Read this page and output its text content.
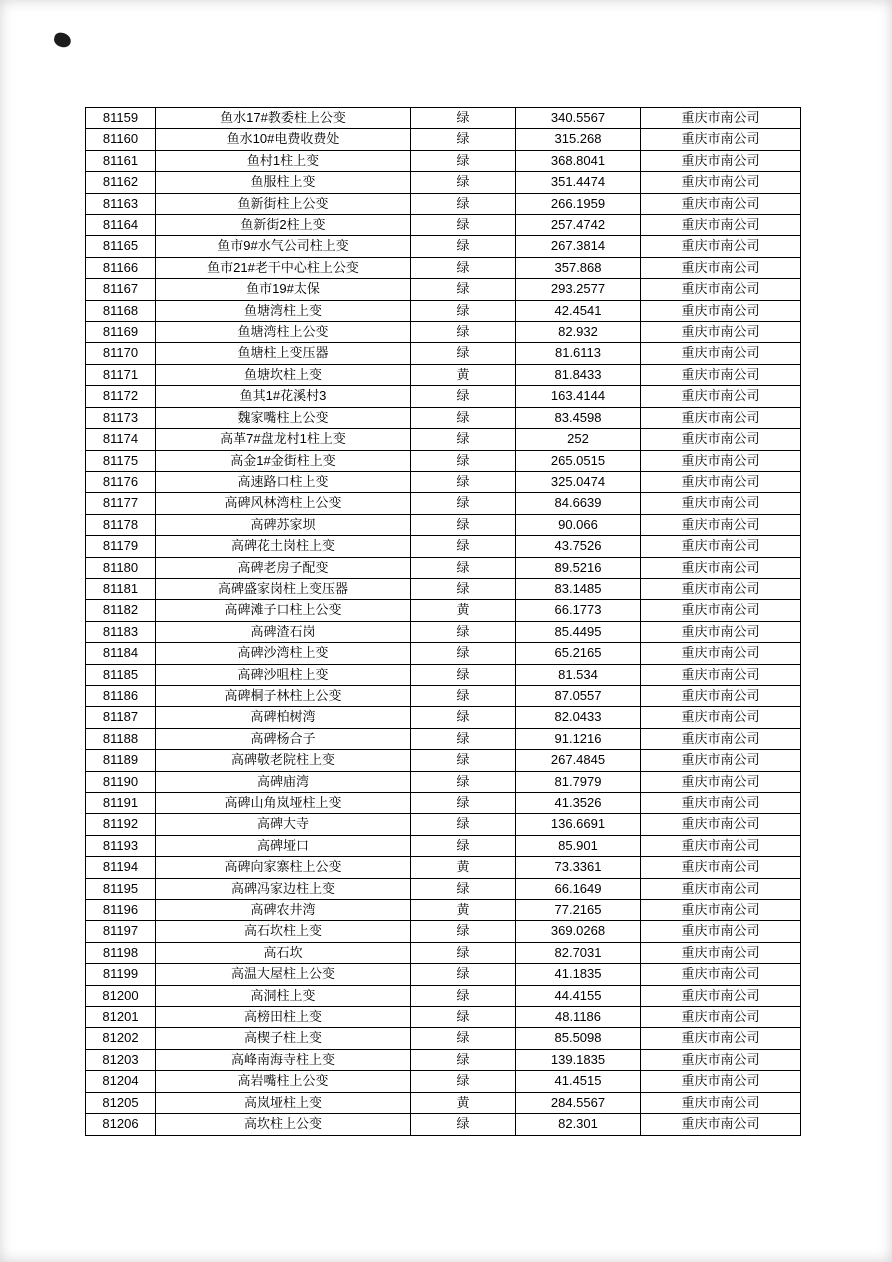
81159	鱼水17#教委柱上公变	绿	340.5567	重庆市南公司
81160	鱼水10#电费收费处	绿	315.268	重庆市南公司
81161	鱼村1柱上变	绿	368.8041	重庆市南公司
81162	鱼服柱上变	绿	351.4474	重庆市南公司
81163	鱼新街柱上公变	绿	266.1959	重庆市南公司
81164	鱼新街2柱上变	绿	257.4742	重庆市南公司
81165	鱼市9#水气公司柱上变	绿	267.3814	重庆市南公司
81166	鱼市21#老干中心柱上公变	绿	357.868	重庆市南公司
81167	鱼市19#太保	绿	293.2577	重庆市南公司
81168	鱼塘湾柱上变	绿	42.4541	重庆市南公司
81169	鱼塘湾柱上公变	绿	82.932	重庆市南公司
81170	鱼塘柱上变压器	绿	81.6113	重庆市南公司
81171	鱼塘坎柱上变	黄	81.8433	重庆市南公司
81172	鱼其1#花溪村3	绿	163.4144	重庆市南公司
81173	魏家嘴柱上公变	绿	83.4598	重庆市南公司
81174	高革7#盘龙村1柱上变	绿	252	重庆市南公司
81175	高金1#金街柱上变	绿	265.0515	重庆市南公司
81176	高速路口柱上变	绿	325.0474	重庆市南公司
81177	高碑风林湾柱上公变	绿	84.6639	重庆市南公司
81178	高碑苏家坝	绿	90.066	重庆市南公司
81179	高碑花土岗柱上变	绿	43.7526	重庆市南公司
81180	高碑老房子配变	绿	89.5216	重庆市南公司
81181	高碑盛家岗柱上变压器	绿	83.1485	重庆市南公司
81182	高碑滩子口柱上公变	黄	66.1773	重庆市南公司
81183	高碑渣石岗	绿	85.4495	重庆市南公司
81184	高碑沙湾柱上变	绿	65.2165	重庆市南公司
81185	高碑沙咀柱上变	绿	81.534	重庆市南公司
81186	高碑桐子林柱上公变	绿	87.0557	重庆市南公司
81187	高碑柏树湾	绿	82.0433	重庆市南公司
81188	高碑杨合子	绿	91.1216	重庆市南公司
81189	高碑敬老院柱上变	绿	267.4845	重庆市南公司
81190	高碑庙湾	绿	81.7979	重庆市南公司
81191	高碑山角岚垭柱上变	绿	41.3526	重庆市南公司
81192	高碑大寺	绿	136.6691	重庆市南公司
81193	高碑垭口	绿	85.901	重庆市南公司
81194	高碑向家寨柱上公变	黄	73.3361	重庆市南公司
81195	高碑冯家边柱上变	绿	66.1649	重庆市南公司
81196	高碑农井湾	黄	77.2165	重庆市南公司
81197	高石坎柱上变	绿	369.0268	重庆市南公司
81198	高石坎	绿	82.7031	重庆市南公司
81199	高温大屋柱上公变	绿	41.1835	重庆市南公司
81200	高洞柱上变	绿	44.4155	重庆市南公司
81201	高榜田柱上变	绿	48.1186	重庆市南公司
81202	高楔子柱上变	绿	85.5098	重庆市南公司
81203	高峰南海寺柱上变	绿	139.1835	重庆市南公司
81204	高岩嘴柱上公变	绿	41.4515	重庆市南公司
81205	高岚垭柱上变	黄	284.5567	重庆市南公司
81206	高坎柱上公变	绿	82.301	重庆市南公司
